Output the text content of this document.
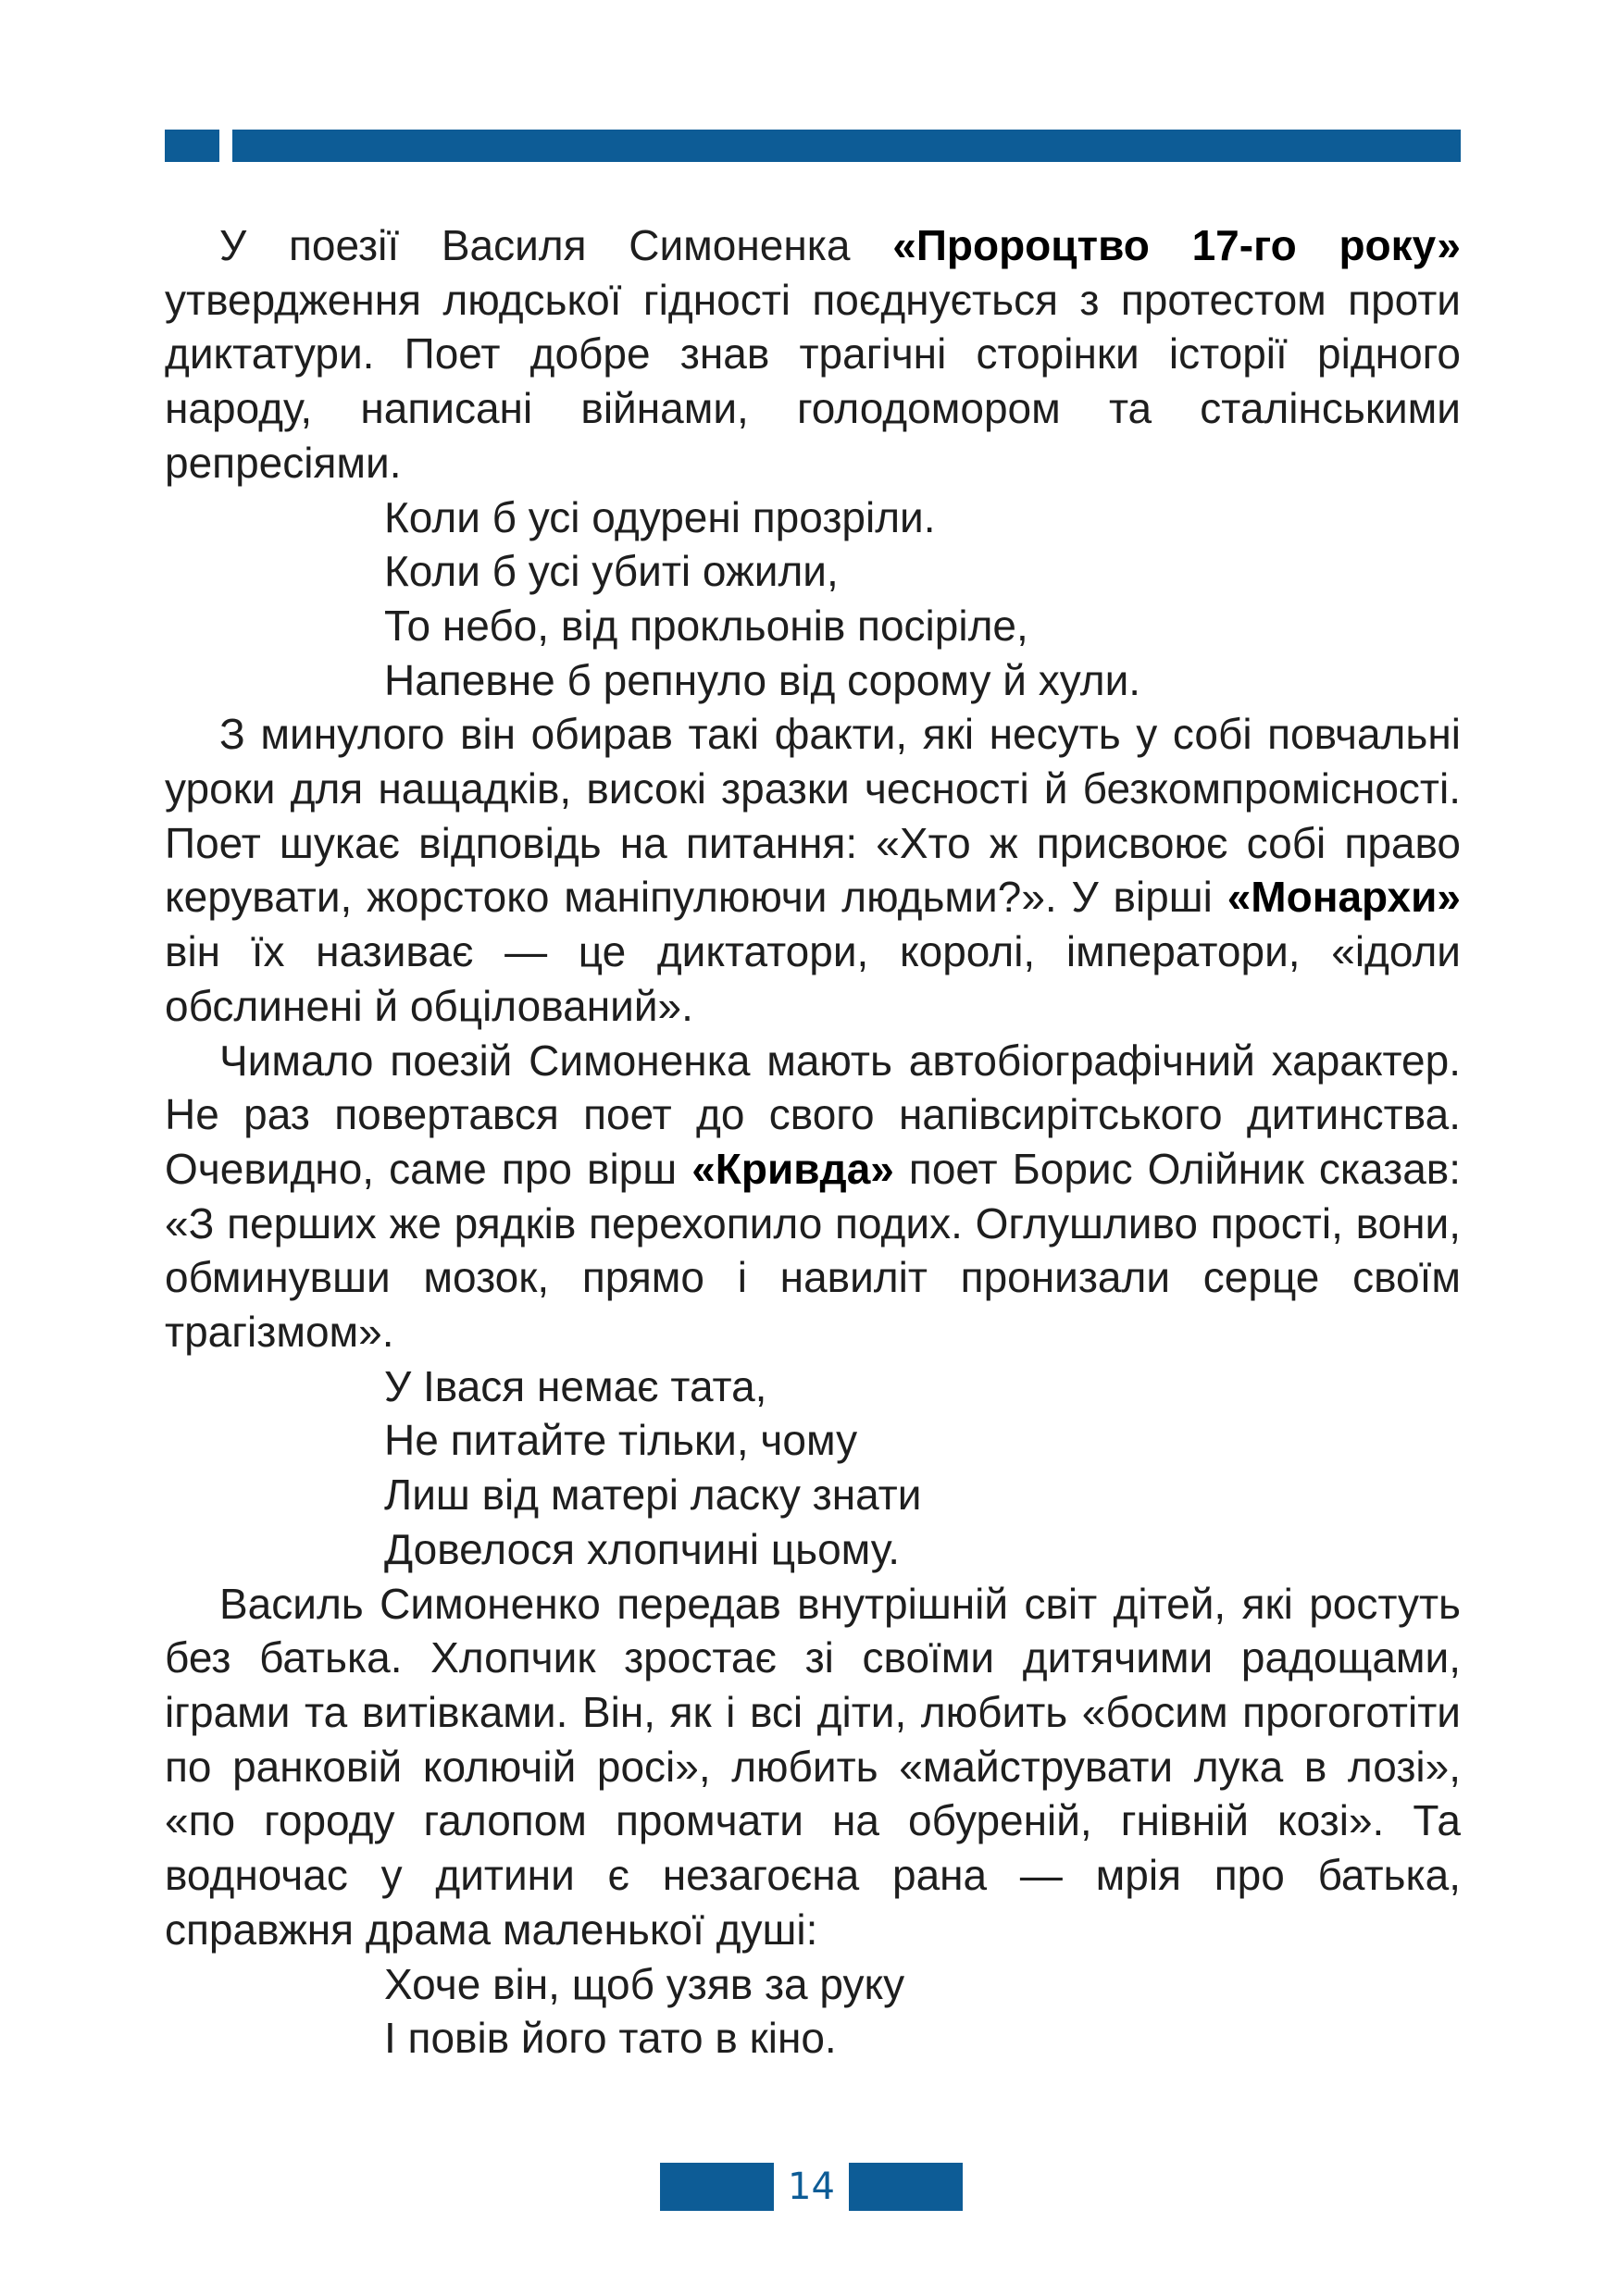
У поезії Василя Симоненка «Пророцтво 17-го року» утвердження людської гідності поєднується з протестом проти диктатури. Поет добре знав трагічні сторінки історії рідного народу, написані війнами, голодомором та сталінськими репресіями.

Коли б усі одурені прозріли.
Коли б усі убиті ожили,
То небо, від прокльонів посіріле,
Напевне б репнуло від сорому й хули.

З минулого він обирав такі факти, які несуть у собі повчальні уроки для нащадків, високі зразки чесності й безкомпромісності. Поет шукає відповідь на питання: «Хто ж присвоює собі право керувати, жорстоко маніпулюючи людьми?». У вірші «Монархи» він їх називає — це диктатори, королі, імператори, «ідоли обслинені й обцілований».

Чимало поезій Симоненка мають автобіографічний характер. Не раз повертався поет до свого напівсирітського дитинства. Очевидно, саме про вірш «Кривда» поет Борис Олійник сказав: «З перших же рядків перехопило подих. Оглушливо прості, вони, обминувши мозок, прямо і навиліт пронизали серце своїм трагізмом».

У Івася немає тата,
Не питайте тільки, чому
Лиш від матері ласку знати
Довелося хлопчині цьому.

Василь Симоненко передав внутрішній світ дітей, які ростуть без батька. Хлопчик зростає зі своїми дитячими радощами, іграми та витівками. Він, як і всі діти, любить «босим прогоготіти по ранковій колючій росі», любить «майструвати лука в лозі», «по городу галопом промчати на обуреній, гнівній козі». Та водночас у дитини є незагоєна рана — мрія про батька, справжня драма маленької душі:

Хоче він, щоб узяв за руку
І повів його тато в кіно.
14
